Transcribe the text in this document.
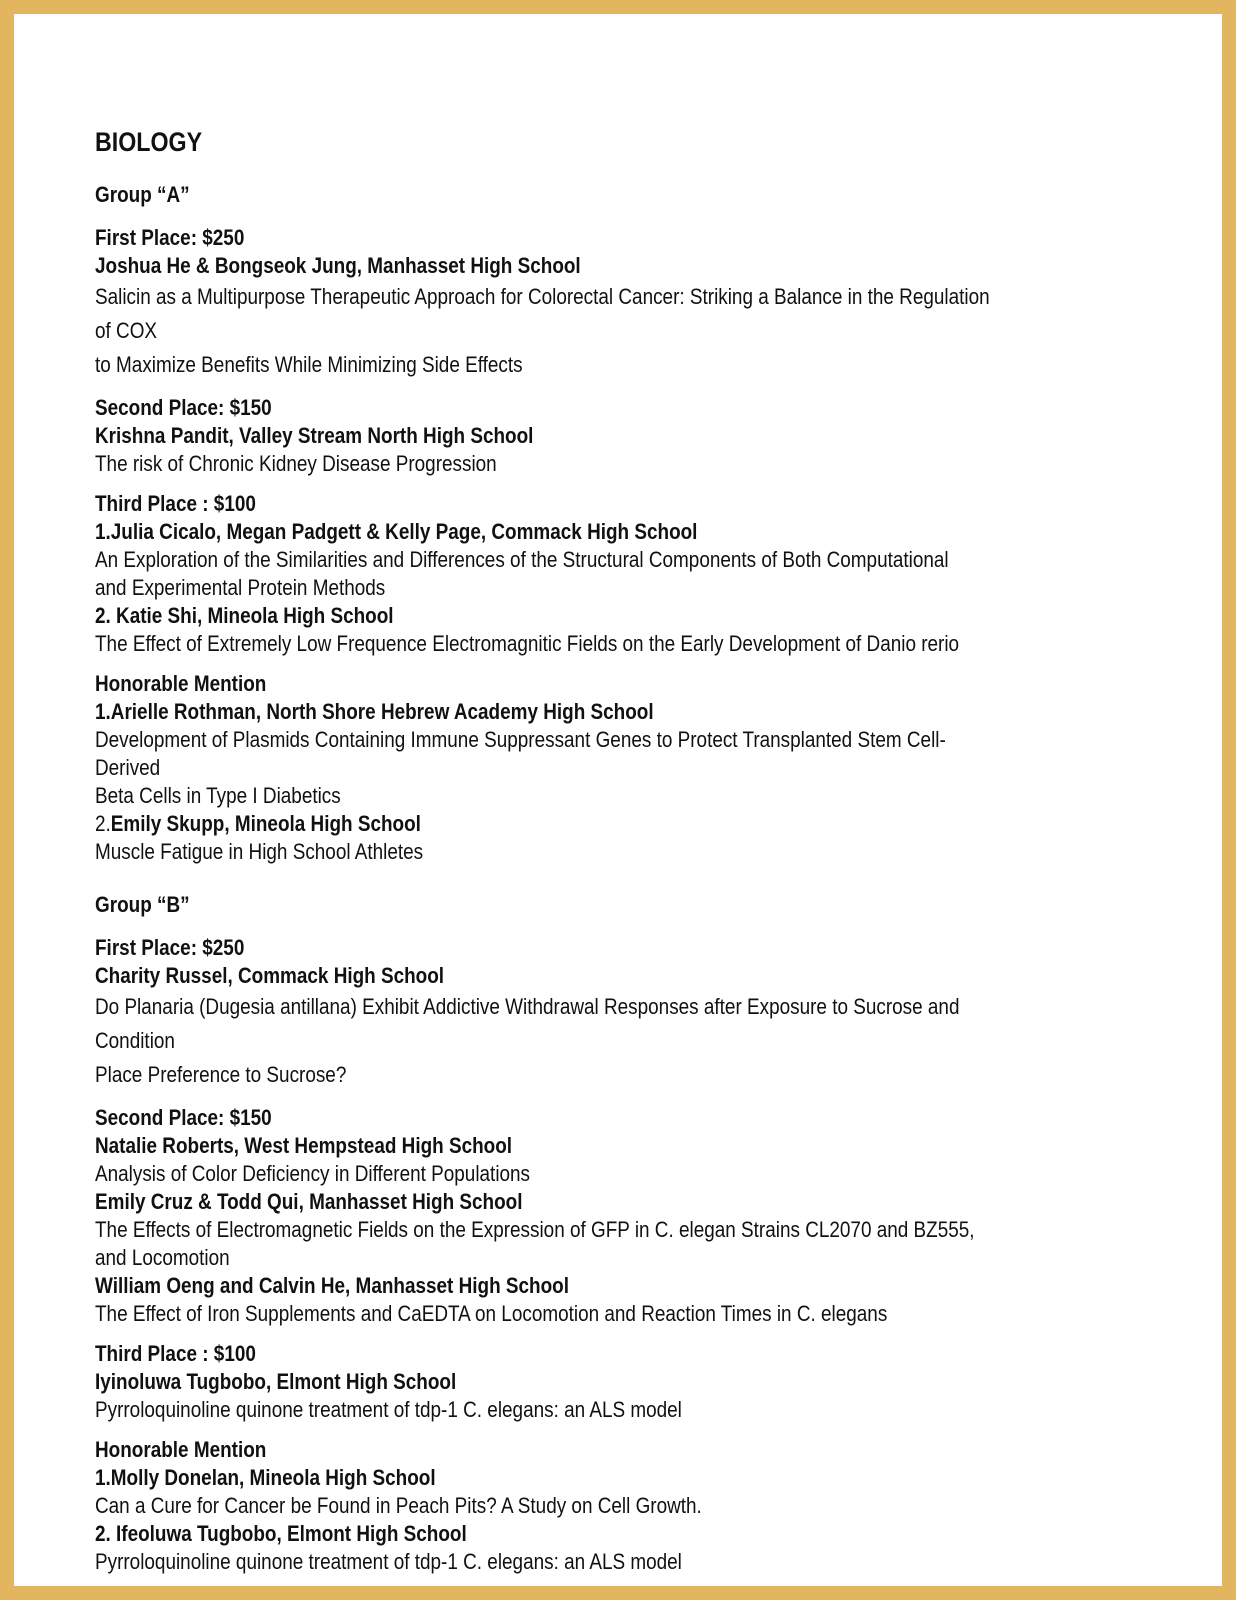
BIOLOGY
Group “A”
First Place: $250
Joshua He & Bongseok Jung, Manhasset High School
Salicin as a Multipurpose Therapeutic Approach for Colorectal Cancer: Striking a Balance in the Regulation of COX
to Maximize Benefits While Minimizing Side Effects
Second Place: $150
Krishna Pandit, Valley Stream North High School
The risk of Chronic Kidney Disease Progression
Third Place : $100
1.Julia Cicalo, Megan Padgett & Kelly Page, Commack High School
An Exploration of the Similarities and Differences of the Structural Components of Both Computational
and Experimental Protein Methods
2. Katie Shi, Mineola High School
The Effect of Extremely Low Frequence Electromagnitic Fields on the Early Development of Danio rerio
Honorable Mention
1.Arielle Rothman, North Shore Hebrew Academy High School
Development of Plasmids Containing Immune Suppressant Genes to Protect Transplanted Stem Cell-Derived
Beta Cells in Type I Diabetics
2.Emily Skupp, Mineola High School
Muscle Fatigue in High School Athletes
Group “B”
First Place: $250
Charity Russel, Commack High School
Do Planaria (Dugesia antillana) Exhibit Addictive Withdrawal Responses after Exposure to Sucrose and Condition
Place Preference to Sucrose?
Second Place: $150
Natalie Roberts, West Hempstead High School
Analysis of Color Deficiency in Different Populations
Emily Cruz & Todd Qui, Manhasset High School
The Effects of Electromagnetic Fields on the Expression of GFP in C. elegan Strains CL2070 and BZ555,
and Locomotion
William Oeng and Calvin He, Manhasset High School
The Effect of Iron Supplements and CaEDTA on Locomotion and Reaction Times in C. elegans
Third Place : $100
Iyinoluwa Tugbobo, Elmont High School
Pyrroloquinoline quinone treatment of tdp-1 C. elegans: an ALS model
Honorable Mention
1.Molly Donelan, Mineola High School
Can a Cure for Cancer be Found in Peach Pits? A Study on Cell Growth.
2. Ifeoluwa Tugbobo, Elmont High School
Pyrroloquinoline quinone treatment of tdp-1 C. elegans: an ALS model
